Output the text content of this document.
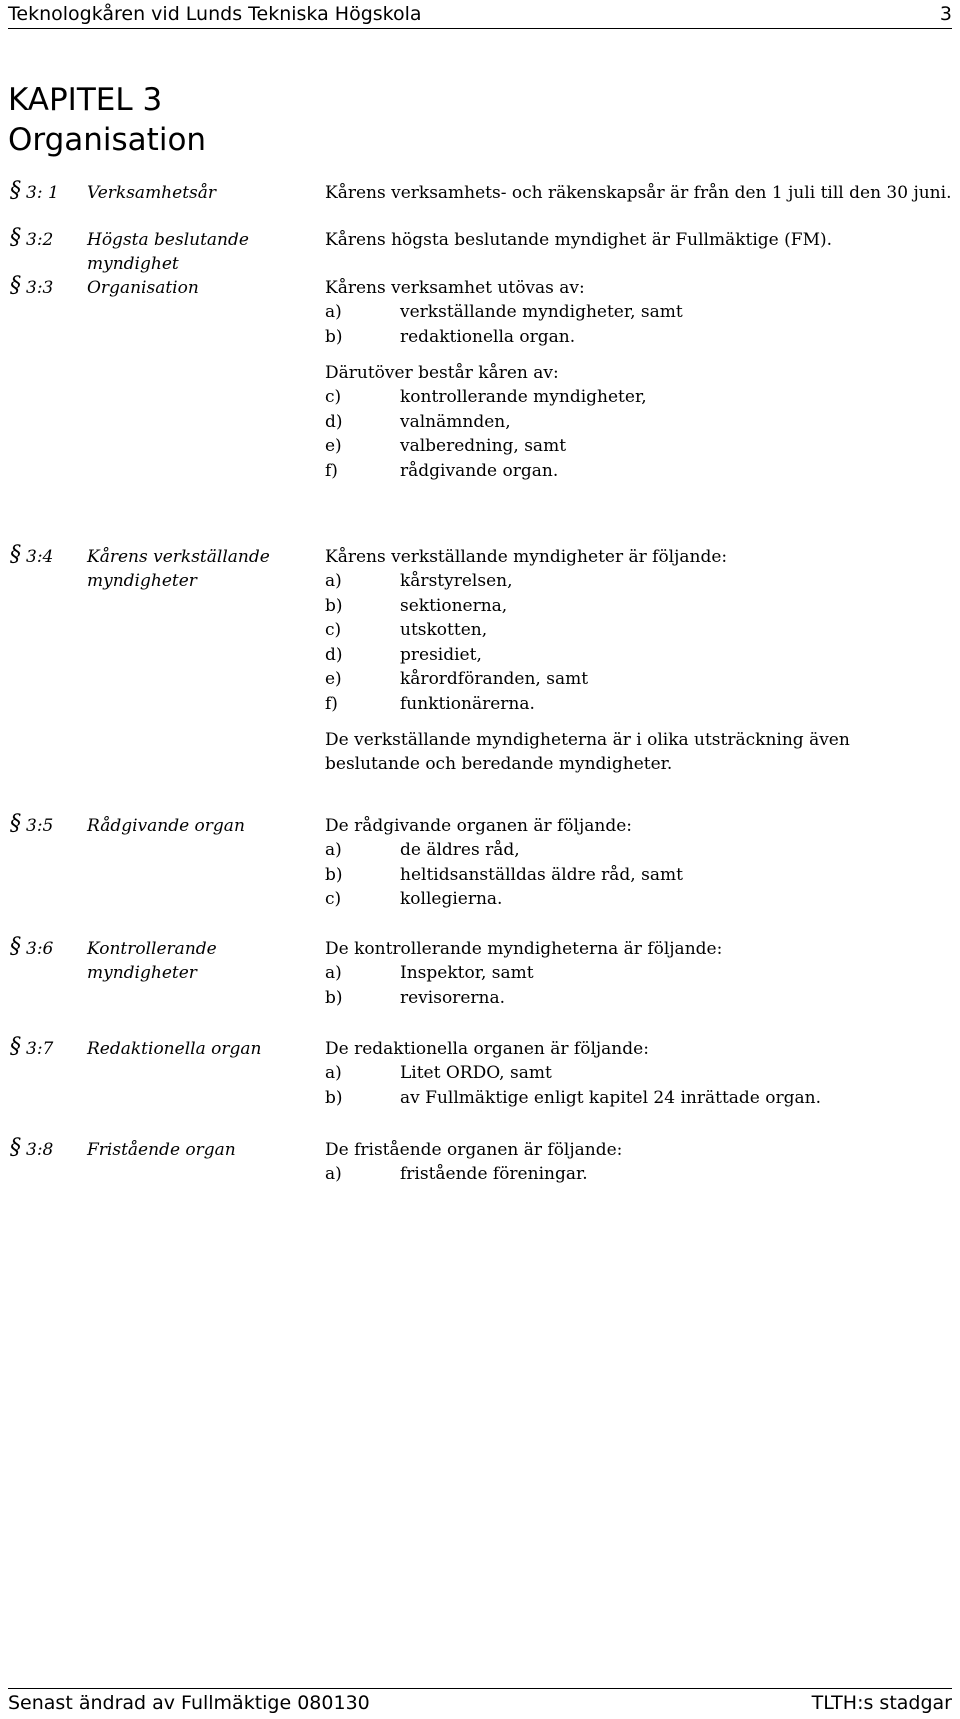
Teknologkåren vid Lunds Tekniska Högskola	3
KAPITEL 3
Organisation
§ 3: 1 Verksamhetsår	Kårens verksamhets- och räkenskapsår är från den 1 juli till den 30 juni.
§ 3:2 Högsta beslutande myndighet
Kårens högsta beslutande myndighet är Fullmäktige (FM).
§ 3:3 Organisation	Kårens verksamhet utövas av:
a)	verkställande myndigheter, samt
b)	redaktionella organ.
Därutöver består kåren av:
c)	kontrollerande myndigheter,
d)	valnämnden,
e)	valberedning, samt
f)	rådgivande organ.
§ 3:4 Kårens verkställande myndigheter
Kårens verkställande myndigheter är följande:
a)	kårstyrelsen,
b)	sektionerna,
c)	utskotten,
d)	presidiet,
e)	kårordföranden, samt
f)	funktionärerna.
De verkställande myndigheterna är i olika utsträckning även beslutande och beredande myndigheter.
§ 3:5 Rådgivande organ	De rådgivande organen är följande:
a)	de äldres råd,
b)	heltidsanställdas äldre råd, samt
c)	kollegierna.
§ 3:6 Kontrollerande myndigheter
De kontrollerande myndigheterna är följande:
a)	Inspektor, samt
b)	revisorerna.
§ 3:7 Redaktionella organ	De redaktionella organen är följande:
a)	Litet ORDO, samt
b)	av Fullmäktige enligt kapitel 24 inrättade organ.
§ 3:8 Fristående organ	De fristående organen är följande:
a)	fristående föreningar.
Senast ändrad av Fullmäktige 080130	TLTH:s stadgar
